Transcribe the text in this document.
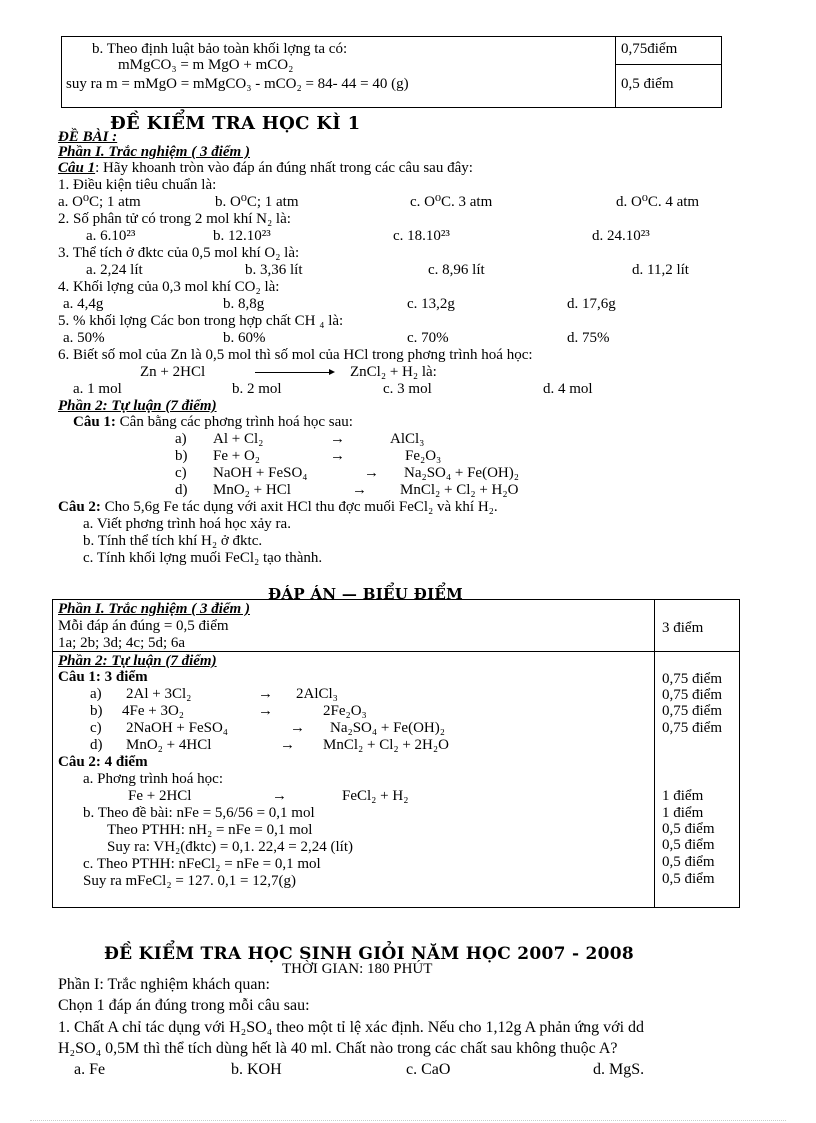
b. Theo định luật bảo toàn khối lợng ta có:
mMgCO₃ = m MgO + mCO₂
0,75điểm
suy ra m = mMgO = mMgCO₃ - mCO₂ = 84- 44 = 40 (g)	0,5 điểm
ĐỀ KIỂM TRA HỌC KÌ 1
ĐỀ BÀI :
Phần I. Trắc nghiệm ( 3 điểm )
Câu 1: Hãy khoanh tròn vào đáp án đúng nhất trong các câu sau đây:
1. Điều kiện tiêu chuẩn là:
a. O⁰C; 1 atm	b. O⁰C; 1 atm	c. O⁰C. 3 atm	d. O⁰C. 4 atm
2. Số phân tử có trong 2 mol khí N₂ là:
a. 6.10²³	b. 12.10²³	c. 18.10²³	d. 24.10²³
3. Thể tích ở đktc của 0,5 mol khí O₂ là:
a. 2,24 lít	b. 3,36 lít	c. 8,96 lít	d. 11,2 lít
4. Khối lợng của 0,3 mol khí CO₂ là:
a. 4,4g	b. 8,8g	c. 13,2g	d. 17,6g
5. % khối lợng Các bon trong hợp chất CH ₄ là:
a. 50%	b. 60%	c. 70%	d. 75%
6. Biết số mol của Zn là 0,5 mol thì số mol của HCl trong phơng trình hoá học:
Zn + 2HCl	ZnCl₂ + H₂ là:
a. 1 mol	b. 2 mol	c. 3 mol	d. 4 mol
Phần 2: Tự luận (7 điểm)
Câu 1: Cân bằng các phơng trình hoá học sau:
a) Al + Cl₂	→	AlCl₃
b) Fe + O₂	→	Fe₂O₃
c) NaOH + FeSO₄	→ Na₂SO₄ + Fe(OH)₂
d) MnO₂ + HCl	→ MnCl₂ + Cl₂ + H₂O
Câu 2: Cho 5,6g Fe tác dụng với axit HCl thu đợc muối FeCl₂ và khí H₂.
a. Viết phơng trình hoá học xảy ra.
b. Tính thể tích khí H₂ ở đktc.
c. Tính khối lợng muối FeCl₂ tạo thành.
ĐÁP ÁN — BIỂU ĐIỂM
Phần I. Trắc nghiệm ( 3 điểm )
Mỗi đáp án đúng = 0,5 điểm
1a; 2b; 3d; 4c; 5d; 6a
3 điểm
Phần 2: Tự luận (7 điểm)
Câu 1: 3 điểm
a) 2Al + 3Cl₂	→ 2AlCl₃
0,75 điểm
b) 4Fe + 3O₂	→	2Fe₂O₃
0,75 điểm
c) 2NaOH + FeSO₄	→ Na₂SO₄ + Fe(OH)₂
0,75 điểm
d) MnO₂ + 4HCl	→ MnCl₂ + Cl₂ + 2H₂O
0,75 điểm
Câu 2: 4 điểm
a. Phơng trình hoá học:
Fe + 2HCl	→	FeCl₂ + H₂	1 điểm
b. Theo đề bài: nFe = 5,6/56 = 0,1 mol	1 điểm
Theo PTHH: nH₂ = nFe = 0,1 mol	0,5 điểm
Suy ra: VH₂(đktc) = 0,1. 22,4 = 2,24 (lít)	0,5 điểm
c. Theo PTHH: nFeCl₂ = nFe = 0,1 mol	0,5 điểm
Suy ra mFeCl₂ = 127. 0,1 = 12,7(g)	0,5 điểm
ĐỀ KIỂM TRA HỌC SINH GIỎI NĂM HỌC 2007 - 2008
THỜI GIAN: 180 PHÚT
Phần I: Trắc nghiệm khách quan:
Chọn 1 đáp án đúng trong mỗi câu sau:
1. Chất A chỉ tác dụng với H₂SO₄ theo một tỉ lệ xác định. Nếu cho 1,12g A phản ứng với dd
H₂SO₄ 0,5M thì thể tích dùng hết là 40 ml. Chất nào trong các chất sau không thuộc A?
a. Fe	b. KOH	c. CaO	d. MgS.
